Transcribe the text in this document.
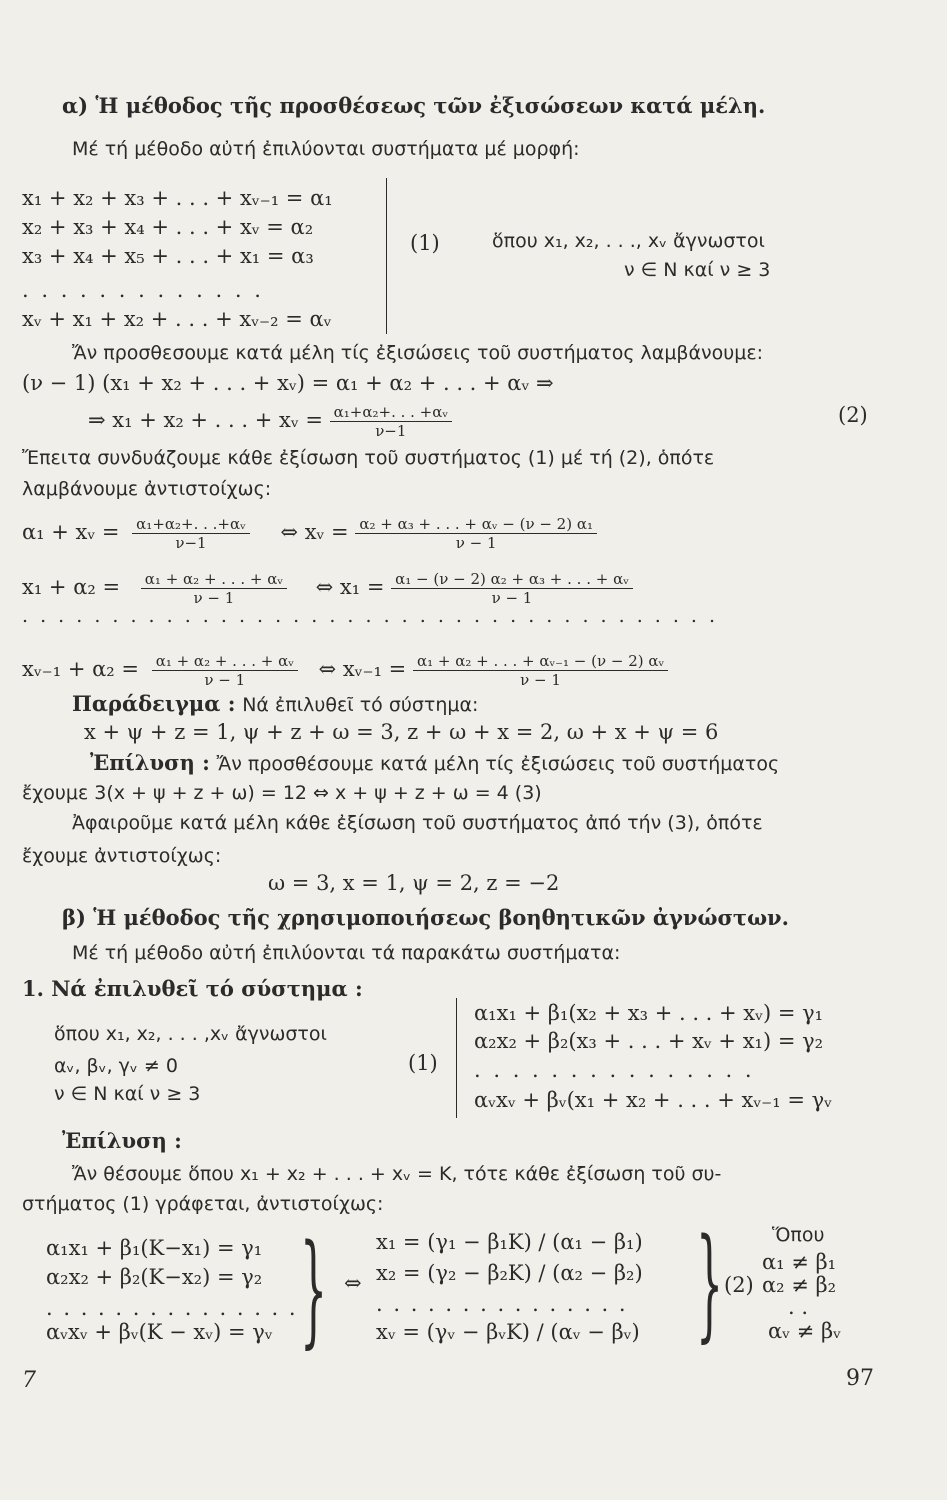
α) Ἡ μέθοδος τῆς προσθέσεως τῶν ἐξισώσεων κατά μέλη.
Μέ τή μέθοδο αὐτή ἐπιλύονται συστήματα μέ μορφή:
x₁ + x₂ + x₃ + . . . + xᵥ₋₁ = α₁
x₂ + x₃ + x₄ + . . . + xᵥ = α₂
x₃ + x₄ + x₅ + . . . + x₁ = α₃
. . . . . . . . . . . . .
xᵥ + x₁ + x₂ + . . . + xᵥ₋₂ = αᵥ
(1)	ὅπου x₁, x₂, . . ., xᵥ ἄγνωστοι
ν ∈ N καί ν ≥ 3
Ἄν προσθεσουμε κατά μέλη τίς ἐξισώσεις τοῦ συστήματος λαμβάνουμε:
(ν − 1) (x₁ + x₂ + . . . + xᵥ) = α₁ + α₂ + . . . + αᵥ ⇒
⇒ x₁ + x₂ + . . . + xᵥ = $\frac{\text{α₁+α₂+. . . +αᵥ}}{\nu-1}$	(2)
Ἔπειτα συνδυάζουμε κάθε ἐξίσωση τοῦ συστήματος (1) μέ τή (2), ὁπότε
λαμβάνουμε ἀντιστοίχως:
α₁ + xᵥ = $\frac{\text{α₁+α₂+. . .+αᵥ}}{\nu-1}$ ⇔ xᵥ = $\frac{\text{α₂ + α₃ + . . . + αᵥ − (ν − 2) α₁}}{\nu - 1}$
$x_1 + \alpha_2 = \frac{\text{α₁ + α₂ + . . . + αᵥ}}{\nu - 1}$ ⇔ $x_1 = \frac{\text{α₁ − (ν − 2) α₂ + α₃ + . . . + αᵥ}}{\nu - 1}$
. . . . . . . . . . . . . . . . . . . . . . . . . . . . . . . . . . . . . . .
xᵥ₋₁ + $\alpha_2 = \frac{\text{α₁ + α₂ + . . . + αᵥ}}{\nu - 1}$ ⇔ xᵥ₋₁ = $\frac{\text{α₁ + α₂ + . . . + αᵥ₋₁ − (ν − 2) αᵥ}}{\nu - 1}$
Παράδειγμα : Νά ἐπιλυθεῖ τό σύστημα:
x + ψ + z = 1, ψ + z + ω = 3, z + ω + x = 2, ω + x + ψ = 6
Ἐπίλυση : Ἄν προσθέσουμε κατά μέλη τίς ἐξισώσεις τοῦ συστήματος
ἔχουμε 3(x + ψ + z + ω) = 12 ⇔ x + ψ + z + ω = 4 (3)
Ἀφαιροῦμε κατά μέλη κάθε ἐξίσωση τοῦ συστήματος ἀπό τήν (3), ὁπότε
ἔχουμε ἀντιστοίχως:
ω = 3, x = 1, ψ = 2, z = −2
β) Ἡ μέθοδος τῆς χρησιμοποιήσεως βοηθητικῶν ἀγνώστων.
Μέ τή μέθοδο αὐτή ἐπιλύονται τά παρακάτω συστήματα:
1. Νά ἐπιλυθεῖ τό σύστημα :
ὅπου x₁, x₂, . . . ,xᵥ ἄγνωστοι
αᵥ, βᵥ, γᵥ ≠ 0
ν ∈ N καί ν ≥ 3
(1)
α₁x₁ + β₁(x₂ + x₃ + . . . + xᵥ) = γ₁
α₂x₂ + β₂(x₃ + . . . + xᵥ + x₁) = γ₂
. . . . . . . . . . . . . . .
αᵥxᵥ + βᵥ(x₁ + x₂ + . . . + xᵥ₋₁ = γᵥ
Ἐπίλυση :
Ἄν θέσουμε ὅπου x₁ + x₂ + . . . + xᵥ = K, τότε κάθε ἐξίσωση τοῦ συ-
στήματος (1) γράφεται, ἀντιστοίχως:
α₁x₁ + β₁(K−x₁) = γ₁
α₂x₂ + β₂(K−x₂) = γ₂
. . . . . . . . . . . . . . .
αᵥxᵥ + βᵥ(K − xᵥ) = γᵥ } ⇔
x₁ = (γ₁ − β₁K) / (α₁ − β₁)
x₂ = (γ₂ − β₂K) / (α₂ − β₂)
. . . . . . . . . . . . . . .
xᵥ = (γᵥ − βᵥK) / (αᵥ − βᵥ) }	Ὅπου
α₁ ≠ β₁
(2) α₂ ≠ β₂
. .
αᵥ ≠ βᵥ
7	97
